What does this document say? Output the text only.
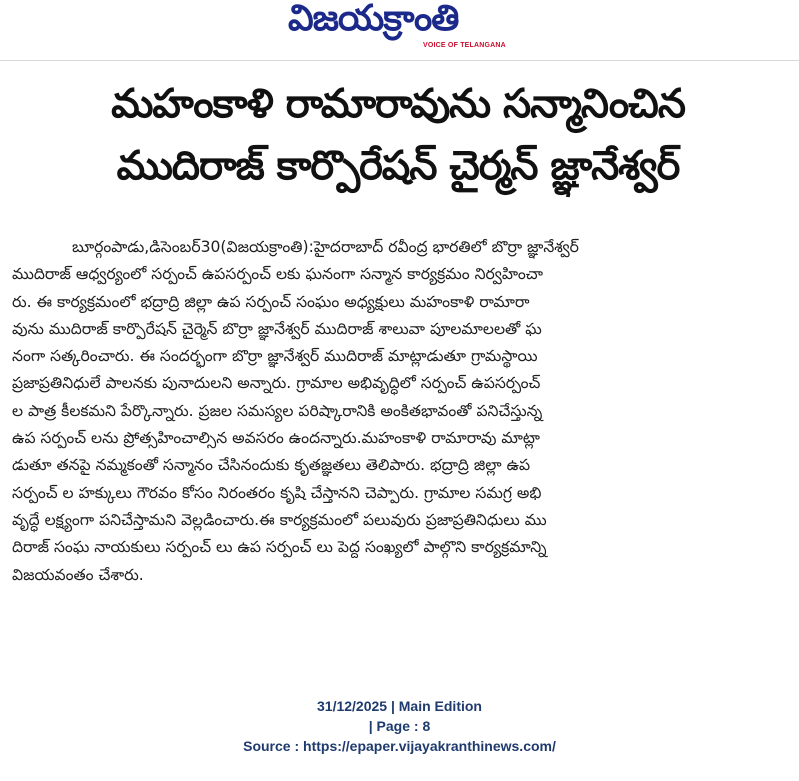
విజయక్రాంతి
VOICE OF TELANGANA
మహంకాళి రామారావును సన్మానించిన
ముదిరాజ్ కార్పొరేషన్ చైర్మన్ జ్ఞానేశ్వర్
బూర్గంపాడు,డిసెంబర్30(విజయక్రాంతి):హైదరాబాద్ రవీంద్ర భారతిలో బొర్రా జ్ఞానేశ్వర్
ముదిరాజ్ ఆధ్వర్యంలో సర్పంచ్ ఉపసర్పంచ్ లకు ఘనంగా సన్మాన కార్యక్రమం నిర్వహించా
రు. ఈ కార్యక్రమంలో భద్రాద్రి జిల్లా ఉప సర్పంచ్ సంఘం అధ్యక్షులు మహంకాళి రామారా
వును ముదిరాజ్ కార్పొరేషన్ చైర్మెన్ బొర్రా జ్ఞానేశ్వర్ ముదిరాజ్ శాలువా పూలమాలలతో ఘ
నంగా సత్కరించారు. ఈ సందర్భంగా బొర్రా జ్ఞానేశ్వర్ ముదిరాజ్ మాట్లాడుతూ గ్రామస్థాయి
ప్రజాప్రతినిధులే పాలనకు పునాదులని అన్నారు. గ్రామాల అభివృద్ధిలో సర్పంచ్ ఉపసర్పంచ్
ల పాత్ర కీలకమని పేర్కొన్నారు. ప్రజల సమస్యల పరిష్కారానికి అంకితభావంతో పనిచేస్తున్న
ఉప సర్పంచ్ లను ప్రోత్సహించాల్సిన అవసరం ఉందన్నారు.మహంకాళి రామారావు మాట్లా
డుతూ తనపై నమ్మకంతో సన్మానం చేసినందుకు కృతజ్ఞతలు తెలిపారు. భద్రాద్రి జిల్లా ఉప
సర్పంచ్ ల హక్కులు గౌరవం కోసం నిరంతరం కృషి చేస్తానని చెప్పారు. గ్రామాల సమగ్ర అభి
వృద్ధే లక్ష్యంగా పనిచేస్తామని వెల్లడించారు.ఈ కార్యక్రమంలో పలువురు ప్రజాప్రతినిధులు ము
దిరాజ్ సంఘ నాయకులు సర్పంచ్ లు ఉప సర్పంచ్ లు పెద్ద సంఖ్యలో పాల్గొని కార్యక్రమాన్ని
విజయవంతం చేశారు.
31/12/2025 | Main Edition
| Page : 8
Source : https://epaper.vijayakranthinews.com/
